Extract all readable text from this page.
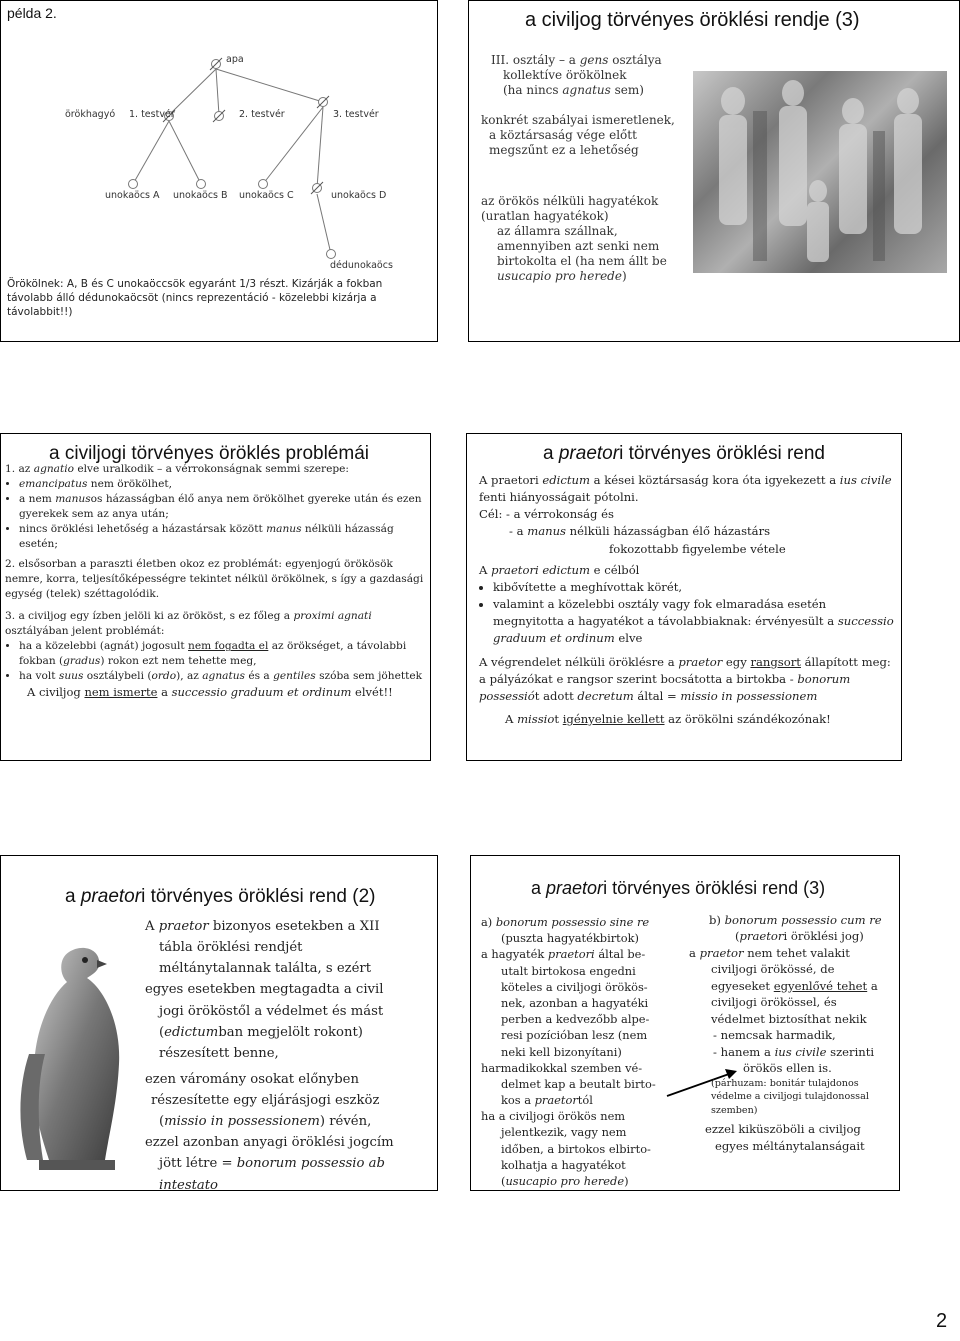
példa 2.
apa
örökhagyó 1. testvér	2. testvér	3. testvér
unokaöcs A unokaöcs B unokaöcs C	unokaöcs D
dédunokaöcs
Örökölnek: A, B és C unokaöccsök egyaránt 1/3 részt. Kizárják a fokban távolabb álló dédunokaöcsöt (nincs reprezentáció - közelebbi kizárja a távolabbit!!)
a civiljog törvényes öröklési rendje (3)
III. osztály – a gens osztálya
kollektíve örökölnek
(ha nincs agnatus sem)
konkrét szabályai ismeretlenek,
a köztársaság vége előtt
megszűnt ez a lehetőség
az örökös nélküli hagyatékok
(uratlan hagyatékok)
az államra szállnak,
amennyiben azt senki nem
birtokolta el (ha nem állt be
usucapio pro herede)
a civiljogi törvényes öröklés problémái
1. az agnatio elve uralkodik – a vérrokonságnak semmi szerepe:
• emancipatus nem örökölhet,
• a nem manusos házasságban élő anya nem örökölhet gyereke után és ezen gyerekek sem az anya után;
• nincs öröklési lehetőség a házastársak között manus nélküli házasság esetén;
2. elsősorban a paraszti életben okoz ez problémát: egyenjogú örökösök nemre, korra, teljesítőképességre tekintet nélkül örökölnek, s így a gazdasági egység (telek) széttagolódik.
3. a civiljog egy ízben jelöli ki az örököst, s ez főleg a proximi agnati osztályában jelent problémát:
• ha a közelebbi (agnát) jogosult nem fogadta el az örökséget, a távolabbi fokban (gradus) rokon ezt nem tehette meg,
• ha volt suus osztálybeli (ordo), az agnatus és a gentiles szóba sem jöhettek
A civiljog nem ismerte a successio graduum et ordinum elvét!!
a praetori törvényes öröklési rend
A praetori edictum a kései köztársaság kora óta igyekezett a ius civile fenti hiányosságait pótolni.
Cél: - a vérrokonság és
- a manus nélküli házasságban élő házastárs
fokozottabb figyelembe vétele
A praetori edictum e célból
• kibővítette a meghívottak körét,
• valamint a közelebbi osztály vagy fok elmaradása esetén megnyitotta a hagyatékot a távolabbiaknak: érvényesült a successio graduum et ordinum elve
A végrendelet nélküli öröklésre a praetor egy rangsort állapított meg: a pályázókat e rangsor szerint bocsátotta a birtokba - bonorum possessiót adott decretum által = missio in possessionem
A missiot igényelnie kellett az örökölni szándékozónak!
a praetori törvényes öröklési rend (2)
A praetor bizonyos esetekben a XII
tábla öröklési rendjét
méltánytalannak találta, s ezért
egyes esetekben megtagadta a civil
jogi örököstől a védelmet és mást
(edictumban megjelölt rokont)
részesített benne,
ezen váromány osokat előnyben
részesítette egy eljárásjogi eszköz
(missio in possessionem) révén,
ezzel azonban anyagi öröklési jogcím
jött létre = bonorum possessio ab
intestato
a praetori törvényes öröklési rend (3)
a) bonorum possessio sine re
(puszta hagyatékbirtok)
a hagyaték praetori által be-
utalt birtokosa engedni
köteles a civiljogi örökös-
nek, azonban a hagyatéki
perben a kedvezőbb alpe-
resi pozícióban lesz (nem
neki kell bizonyítani)
harmadikokkal szemben vé-
delmet kap a beutalt birto-
kos a praetortól
ha a civiljogi örökös nem
jelentkezik, vagy nem
időben, a birtokos elbirto-
kolhatja a hagyatékot
(usucapio pro herede)
b) bonorum possessio cum re
(praetori öröklési jog)
a praetor nem tehet valakit
civiljogi örökössé, de
egyeseket egyenlővé tehet a
civiljogi örökössel, és
védelmet biztosíthat nekik
- nemcsak harmadik,
- hanem a ius civile szerinti
örökös ellen is.
(párhuzam: bonitár tulajdonos
védelme a civiljogi tulajdonossal
szemben)
ezzel kiküszöböli a civiljog
egyes méltánytalanságait
2
